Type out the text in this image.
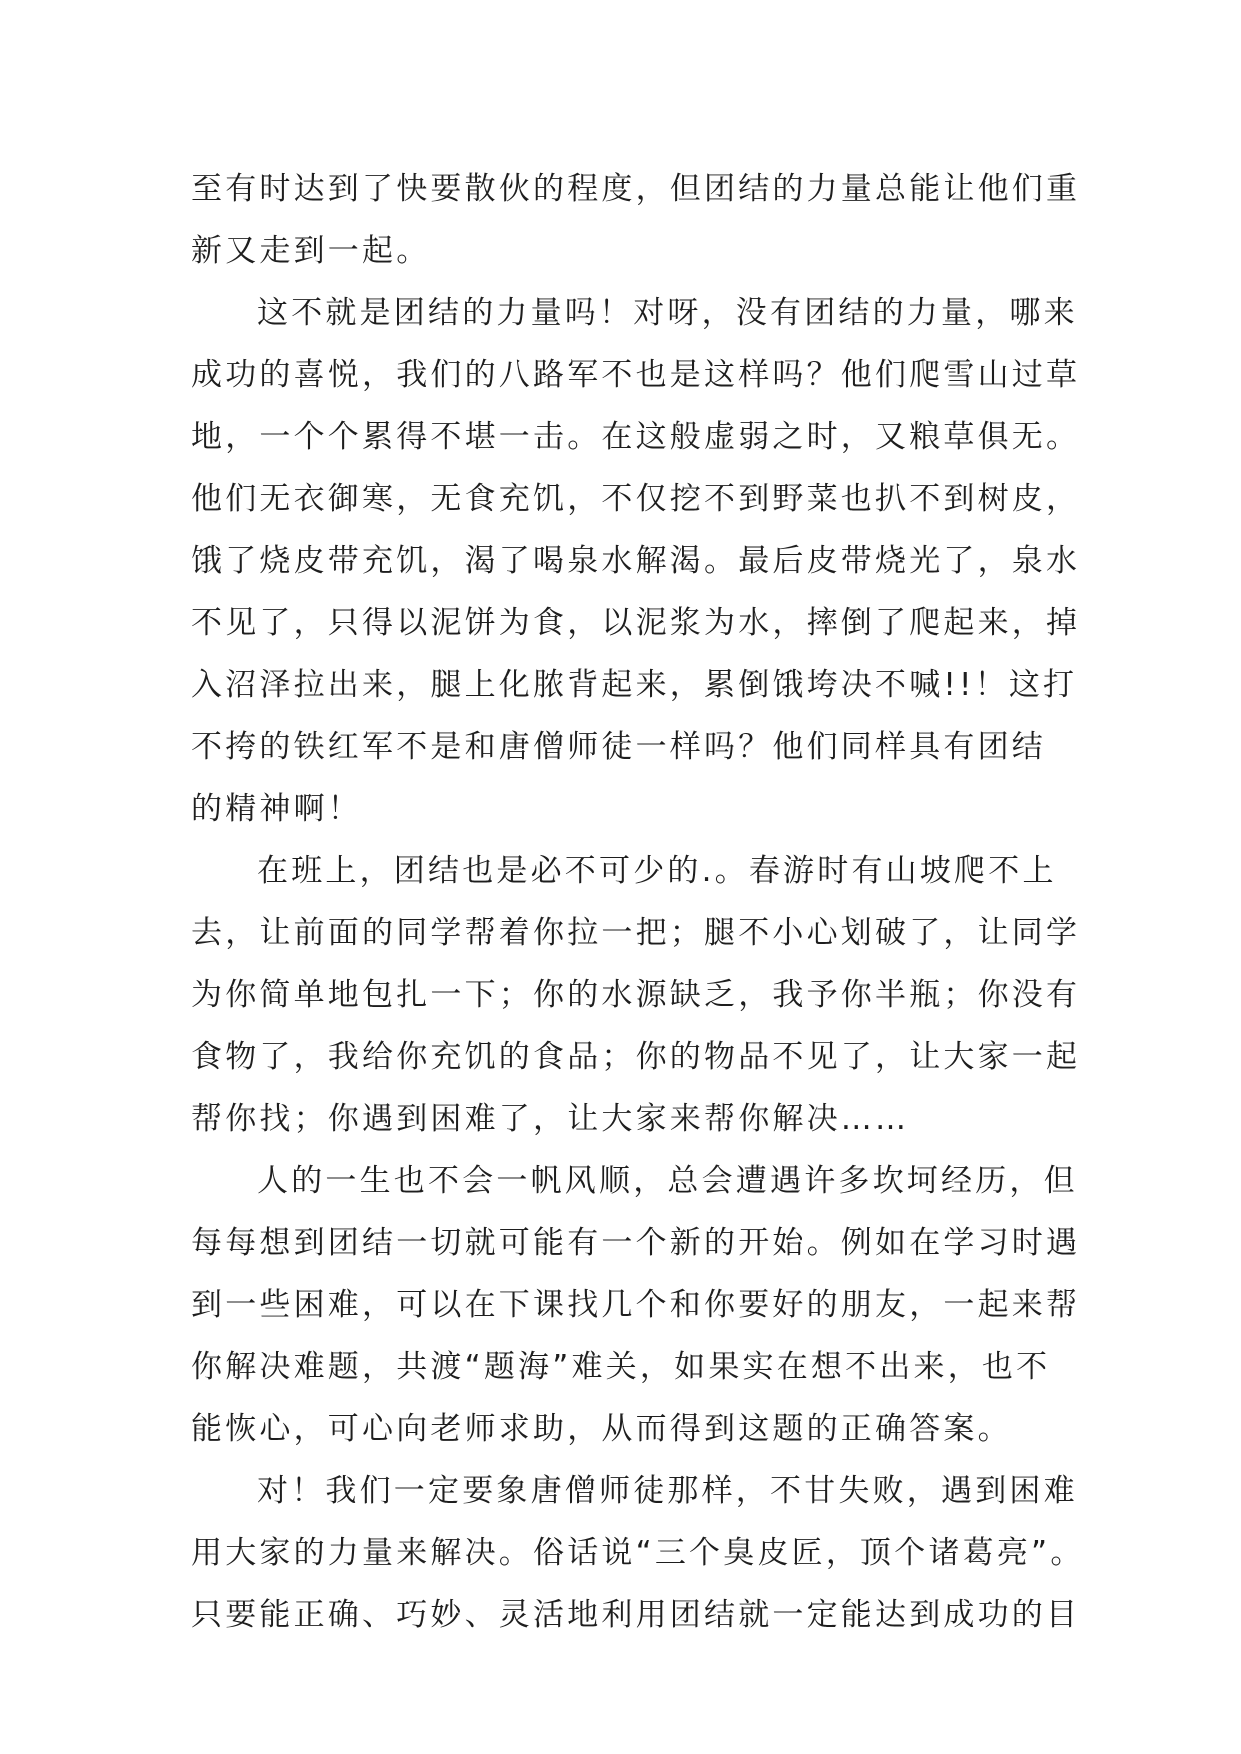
至有时达到了快要散伙的程度，但团结的力量总能让他们重
新又走到一起。
这不就是团结的力量吗！对呀，没有团结的力量，哪来
成功的喜悦，我们的八路军不也是这样吗？他们爬雪山过草
地，一个个累得不堪一击。在这般虚弱之时，又粮草俱无。
他们无衣御寒，无食充饥，不仅挖不到野菜也扒不到树皮，
饿了烧皮带充饥，渴了喝泉水解渴。最后皮带烧光了，泉水
不见了，只得以泥饼为食，以泥浆为水，摔倒了爬起来，掉
入沼泽拉出来，腿上化脓背起来，累倒饿垮决不喊!!！这打
不挎的铁红军不是和唐僧师徒一样吗？他们同样具有团结
的精神啊！
在班上，团结也是必不可少的.。春游时有山坡爬不上
去，让前面的同学帮着你拉一把；腿不小心划破了，让同学
为你简单地包扎一下；你的水源缺乏，我予你半瓶；你没有
食物了，我给你充饥的食品；你的物品不见了，让大家一起
帮你找；你遇到困难了，让大家来帮你解决……
人的一生也不会一帆风顺，总会遭遇许多坎坷经历，但
每每想到团结一切就可能有一个新的开始。例如在学习时遇
到一些困难，可以在下课找几个和你要好的朋友，一起来帮
你解决难题，共渡“题海”难关，如果实在想不出来，也不
能恢心，可心向老师求助，从而得到这题的正确答案。
对！我们一定要象唐僧师徒那样，不甘失败，遇到困难
用大家的力量来解决。俗话说“三个臭皮匠，顶个诸葛亮”。
只要能正确、巧妙、灵活地利用团结就一定能达到成功的目
